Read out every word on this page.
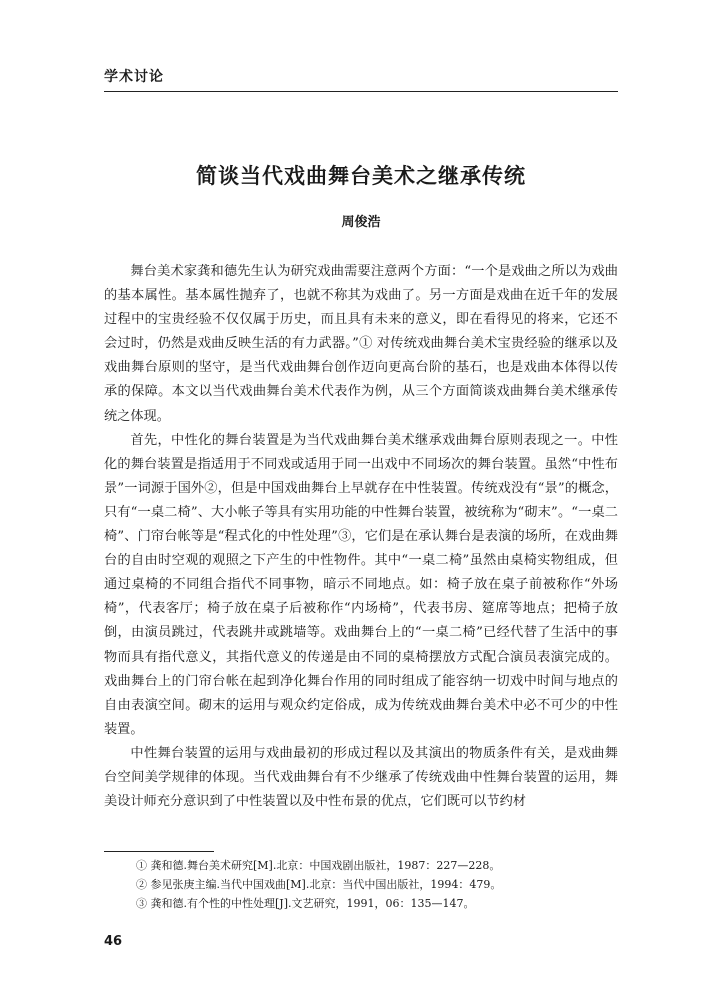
学术讨论
简谈当代戏曲舞台美术之继承传统
周俊浩

舞台美术家龚和德先生认为研究戏曲需要注意两个方面：“一个是戏曲之所以为戏曲的基本属性。基本属性抛弃了，也就不称其为戏曲了。另一方面是戏曲在近千年的发展过程中的宝贵经验不仅仅属于历史，而且具有未来的意义，即在看得见的将来，它还不会过时，仍然是戏曲反映生活的有力武器。”① 对传统戏曲舞台美术宝贵经验的继承以及戏曲舞台原则的坚守，是当代戏曲舞台创作迈向更高台阶的基石，也是戏曲本体得以传承的保障。本文以当代戏曲舞台美术代表作为例，从三个方面简谈戏曲舞台美术继承传统之体现。

首先，中性化的舞台装置是为当代戏曲舞台美术继承戏曲舞台原则表现之一。中性化的舞台装置是指适用于不同戏或适用于同一出戏中不同场次的舞台装置。虽然“中性布景”一词源于国外②，但是中国戏曲舞台上早就存在中性装置。传统戏没有“景”的概念，只有“一桌二椅”、大小帐子等具有实用功能的中性舞台装置，被统称为“砌末”。“一桌二椅”、门帘台帐等是“程式化的中性处理”③，它们是在承认舞台是表演的场所，在戏曲舞台的自由时空观的观照之下产生的中性物件。其中“一桌二椅”虽然由桌椅实物组成，但通过桌椅的不同组合指代不同事物，暗示不同地点。如：椅子放在桌子前被称作“外场椅”，代表客厅；椅子放在桌子后被称作“内场椅”，代表书房、筵席等地点；把椅子放倒，由演员跳过，代表跳井或跳墙等。戏曲舞台上的“一桌二椅”已经代替了生活中的事物而具有指代意义，其指代意义的传递是由不同的桌椅摆放方式配合演员表演完成的。戏曲舞台上的门帘台帐在起到净化舞台作用的同时组成了能容纳一切戏中时间与地点的自由表演空间。砌末的运用与观众约定俗成，成为传统戏曲舞台美术中必不可少的中性装置。

中性舞台装置的运用与戏曲最初的形成过程以及其演出的物质条件有关，是戏曲舞台空间美学规律的体现。当代戏曲舞台有不少继承了传统戏曲中性舞台装置的运用，舞美设计师充分意识到了中性装置以及中性布景的优点，它们既可以节约材

① 龚和德.舞台美术研究[M].北京：中国戏剧出版社，1987：227—228。
② 参见张庚主编.当代中国戏曲[M].北京：当代中国出版社，1994：479。
③ 龚和德.有个性的中性处理[J].文艺研究，1991，06：135—147。
46
